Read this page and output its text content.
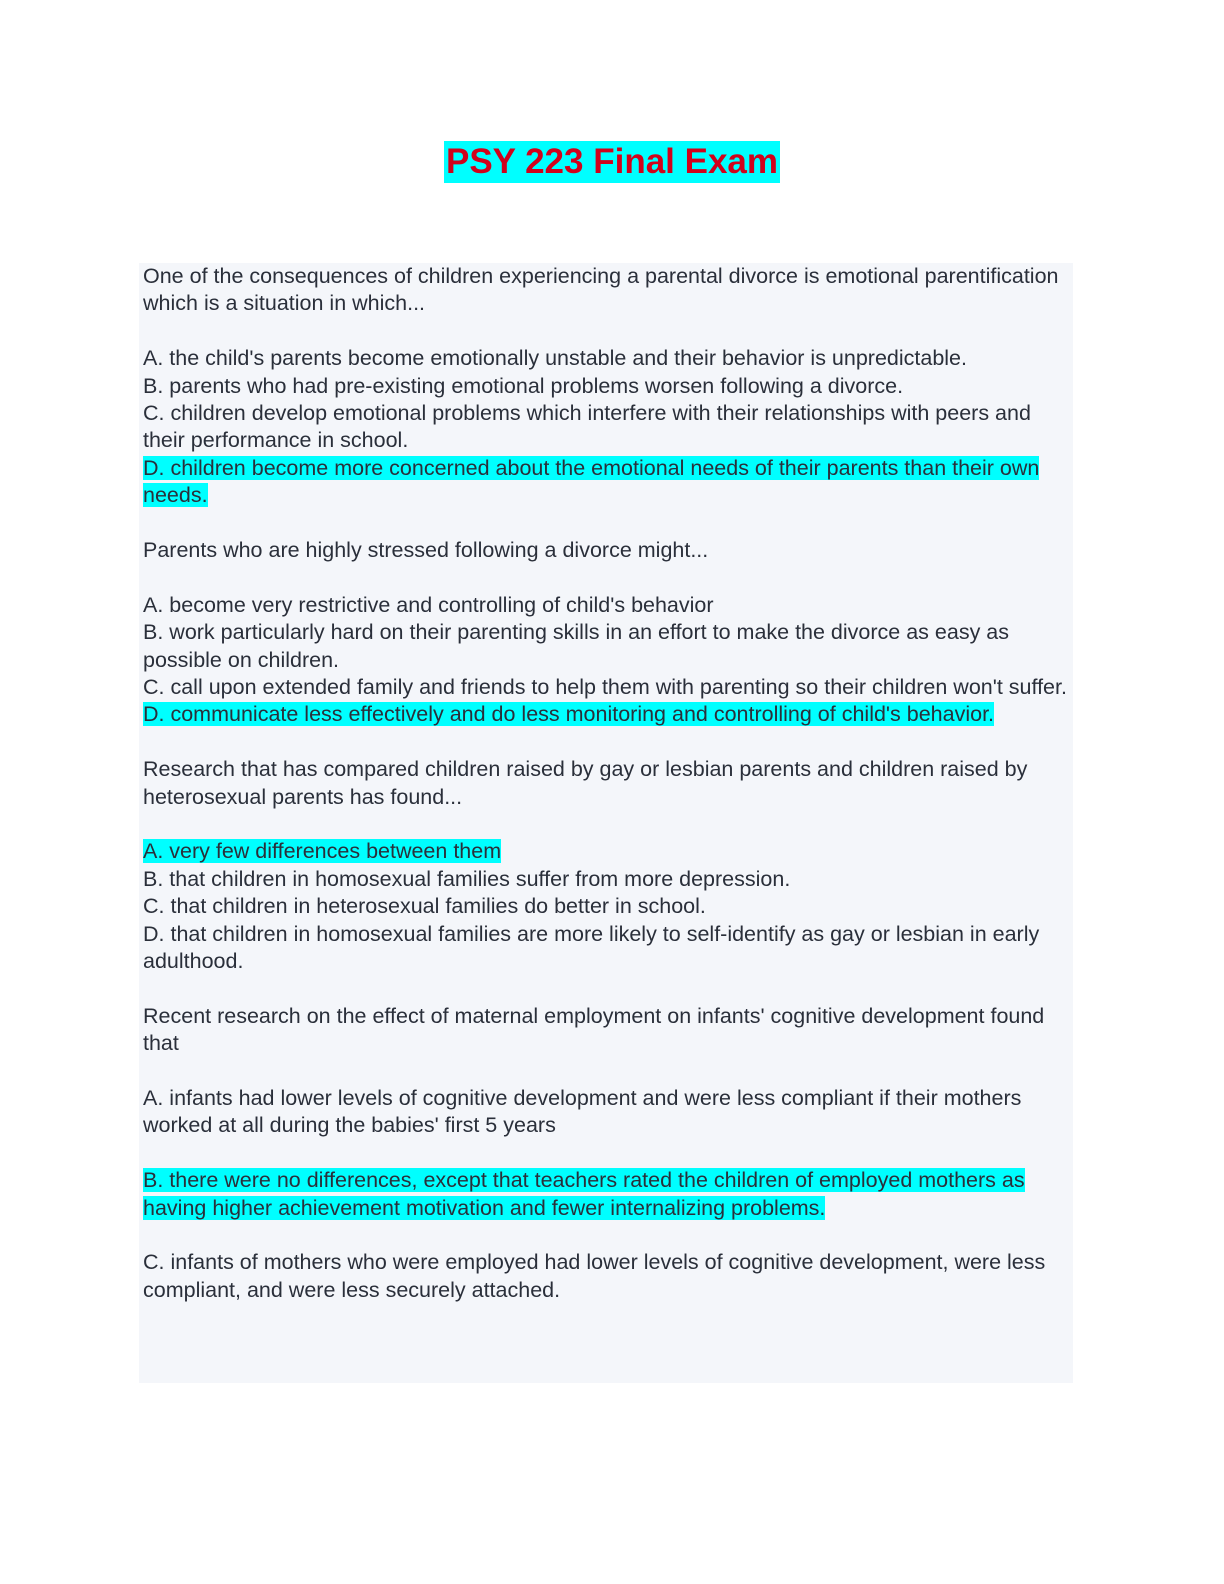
PSY 223 Final Exam

One of the consequences of children experiencing a parental divorce is emotional parentification which is a situation in which...

A. the child's parents become emotionally unstable and their behavior is unpredictable.

B. parents who had pre-existing emotional problems worsen following a divorce.

C. children develop emotional problems which interfere with their relationships with peers and their performance in school.

D. children become more concerned about the emotional needs of their parents than their own needs.

Parents who are highly stressed following a divorce might...

A. become very restrictive and controlling of child's behavior

B. work particularly hard on their parenting skills in an effort to make the divorce as easy as possible on children.

C. call upon extended family and friends to help them with parenting so their children won't suffer.

D. communicate less effectively and do less monitoring and controlling of child's behavior.

Research that has compared children raised by gay or lesbian parents and children raised by heterosexual parents has found...

A. very few differences between them

B. that children in homosexual families suffer from more depression.

C. that children in heterosexual families do better in school.

D. that children in homosexual families are more likely to self-identify as gay or lesbian in early adulthood.

Recent research on the effect of maternal employment on infants' cognitive development found that

A. infants had lower levels of cognitive development and were less compliant if their mothers worked at all during the babies' first 5 years

B. there were no differences, except that teachers rated the children of employed mothers as having higher achievement motivation and fewer internalizing problems.

C. infants of mothers who were employed had lower levels of cognitive development, were less compliant, and were less securely attached.
